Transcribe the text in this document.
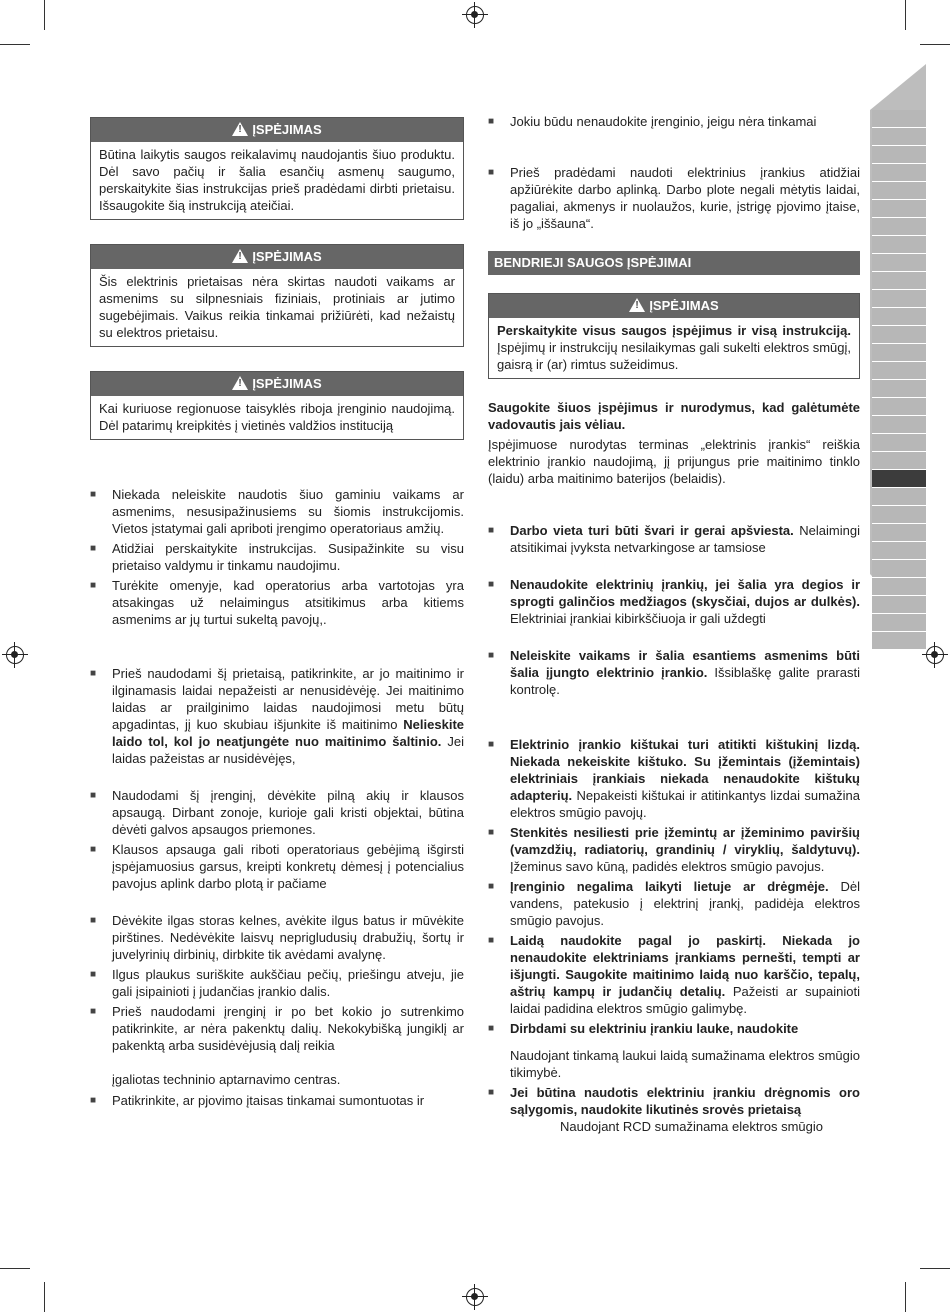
! ĮSPĖJIMAS
Būtina laikytis saugos reikalavimų naudojantis šiuo produktu. Dėl savo pačių ir šalia esančių asmenų saugumo, perskaitykite šias instrukcijas prieš pradėdami dirbti prietaisu. Išsaugokite šią instrukciją ateičiai.
! ĮSPĖJIMAS
Šis elektrinis prietaisas nėra skirtas naudoti vaikams ar asmenims su silpnesniais fiziniais, protiniais ar jutimo sugebėjimais. Vaikus reikia tinkamai prižiūrėti, kad nežaistų su elektros prietaisu.
! ĮSPĖJIMAS
Kai kuriuose regionuose taisyklės riboja įrenginio naudojimą. Dėl patarimų kreipkitės į vietinės valdžios instituciją
■ Niekada neleiskite naudotis šiuo gaminiu vaikams ar asmenims, nesusipažinusiems su šiomis instrukcijomis. Vietos įstatymai gali apriboti įrengimo operatoriaus amžių.
■ Atidžiai perskaitykite instrukcijas. Susipažinkite su visu prietaiso valdymu ir tinkamu naudojimu.
■ Turėkite omenyje, kad operatorius arba vartotojas yra atsakingas už nelaimingus atsitikimus arba kitiems asmenims ar jų turtui sukeltą pavojų,.
■ Prieš naudodami šį prietaisą, patikrinkite, ar jo maitinimo ir ilginamasis laidai nepažeisti ar nenusidėvėję. Jei maitinimo laidas ar prailginimo laidas naudojimosi metu būtų apgadintas, jį kuo skubiau išjunkite iš maitinimo Nelieskite laido tol, kol jo neatjungėte nuo maitinimo šaltinio. Jei laidas pažeistas ar nusidėvėjęs,
■ Naudodami šį įrenginį, dėvėkite pilną akių ir klausos apsaugą. Dirbant zonoje, kurioje gali kristi objektai, būtina dėvėti galvos apsaugos priemones.
■ Klausos apsauga gali riboti operatoriaus gebėjimą išgirsti įspėjamuosius garsus, kreipti konkretų dėmesį į potencialius pavojus aplink darbo plotą ir pačiame
■ Dėvėkite ilgas storas kelnes, avėkite ilgus batus ir mūvėkite pirštines. Nedėvėkite laisvų neprigludusių drabužių, šortų ir juvelyrinių dirbinių, dirbkite tik avėdami avalynę.
■ Ilgus plaukus suriškite aukščiau pečių, priešingu atveju, jie gali įsipainioti į judančias įrankio dalis.
■ Prieš naudodami įrenginį ir po bet kokio jo sutrenkimo patikrinkite, ar nėra pakenktų dalių. Nekokybišką jungiklį ar pakenktą arba susidėvėjusią dalį reikia
įgaliotas techninio aptarnavimo centras.
■ Patikrinkite, ar pjovimo įtaisas tinkamai sumontuotas ir
■ Jokiu būdu nenaudokite įrenginio, jeigu nėra tinkamai
■ Prieš pradėdami naudoti elektrinius įrankius atidžiai apžiūrėkite darbo aplinką. Darbo plote negali mėtytis laidai, pagaliai, akmenys ir nuolaužos, kurie, įstrigę pjovimo įtaise, iš jo „iššauna“.
BENDRIEJI SAUGOS ĮSPĖJIMAI
! ĮSPĖJIMAS
Perskaitykite visus saugos įspėjimus ir visą instrukciją. Įspėjimų ir instrukcijų nesilaikymas gali sukelti elektros smūgį, gaisrą ir (ar) rimtus sužeidimus.
Saugokite šiuos įspėjimus ir nurodymus, kad galėtumėte vadovautis jais vėliau.
Įspėjimuose nurodytas terminas „elektrinis įrankis“ reiškia elektrinio įrankio naudojimą, jį prijungus prie maitinimo tinklo (laidu) arba maitinimo baterijos (belaidis).
■ Darbo vieta turi būti švari ir gerai apšviesta. Nelaimingi atsitikimai įvyksta netvarkingose ar tamsiose
■ Nenaudokite elektrinių įrankių, jei šalia yra degios ir sprogti galinčios medžiagos (skysčiai, dujos ar dulkės). Elektriniai įrankiai kibirkščiuoja ir gali uždegti
■ Neleiskite vaikams ir šalia esantiems asmenims būti šalia įjungto elektrinio įrankio. Išsiblaškę galite prarasti kontrolę.
■ Elektrinio įrankio kištukai turi atitikti kištukinį lizdą. Niekada nekeiskite kištuko. Su įžemintais (įžemintais) elektriniais įrankiais niekada nenaudokite kištukų adapterių. Nepakeisti kištukai ir atitinkantys lizdai sumažina elektros smūgio pavojų.
■ Stenkitės nesiliesti prie įžemintų ar įžeminimo paviršių (vamzdžių, radiatorių, grandinių / viryklių, šaldytuvų). Įžeminus savo kūną, padidės elektros smūgio pavojus.
■ Įrenginio negalima laikyti lietuje ar drėgmėje. Dėl vandens, patekusio į elektrinį įrankį, padidėja elektros smūgio pavojus.
■ Laidą naudokite pagal jo paskirtį. Niekada jo nenaudokite elektriniams įrankiams pernešti, tempti ar išjungti. Saugokite maitinimo laidą nuo karščio, tepalų, aštrių kampų ir judančių detalių. Pažeisti ar supainioti laidai padidina elektros smūgio galimybę.
■ Dirbdami su elektriniu įrankiu lauke, naudokite
Naudojant tinkamą laukui laidą sumažinama elektros smūgio tikimybė.
■ Jei būtina naudotis elektriniu įrankiu drėgnomis oro sąlygomis, naudokite likutinės srovės prietaisą
Naudojant RCD sumažinama elektros smūgio
